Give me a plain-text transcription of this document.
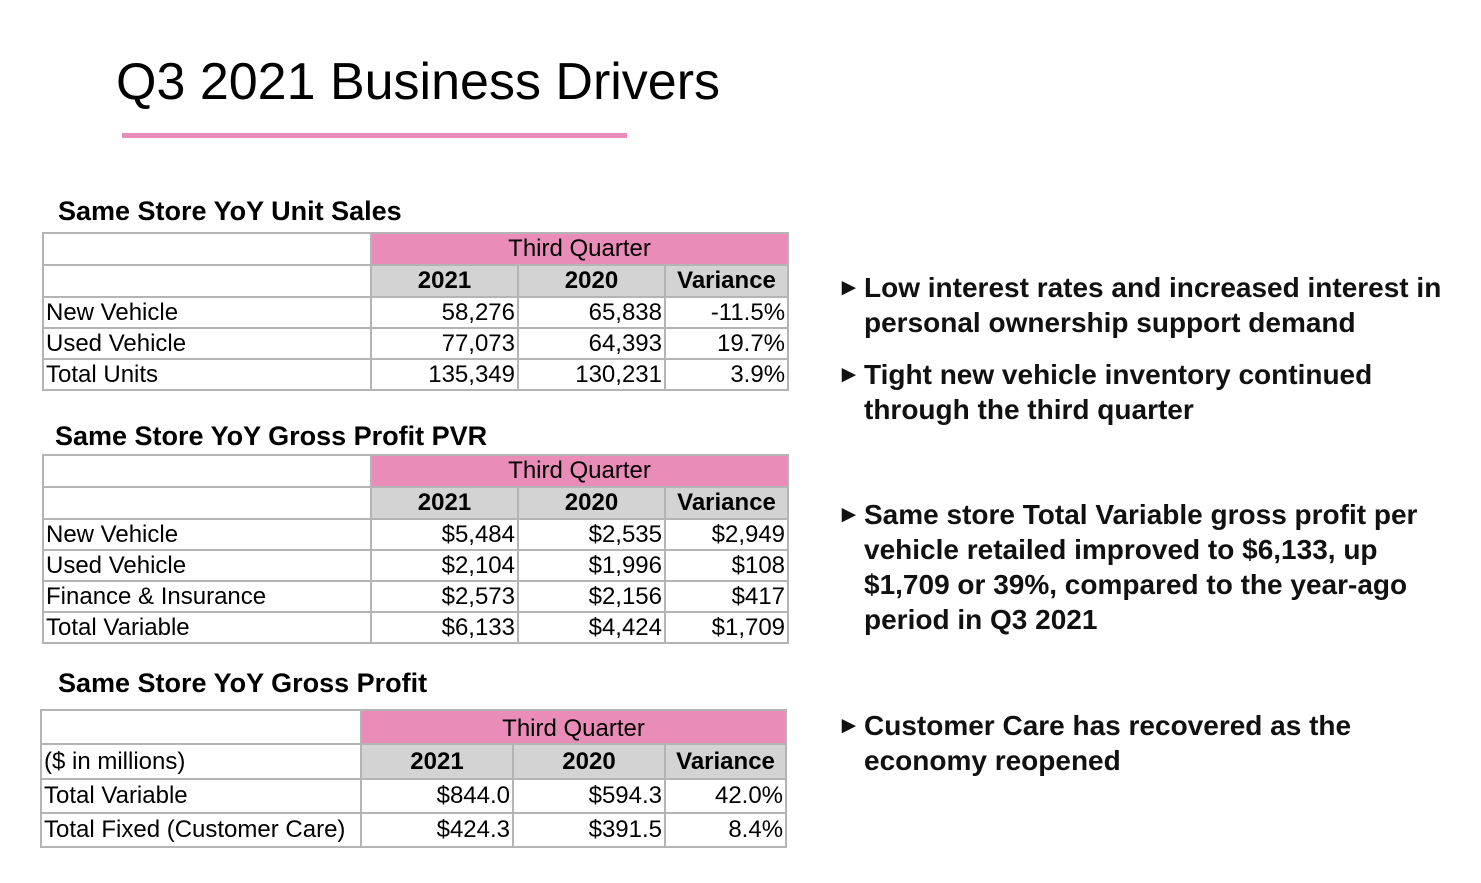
Q3 2021 Business Drivers
Same Store YoY Unit Sales
	Third Quarter		
	2021	2020	Variance
New Vehicle	58,276	65,838	-11.5%
Used Vehicle	77,073	64,393	19.7%
Total Units	135,349	130,231	3.9%
Same Store YoY Gross Profit PVR
	Third Quarter		
	2021	2020	Variance
New Vehicle	$5,484	$2,535	$2,949
Used Vehicle	$2,104	$1,996	$108
Finance & Insurance	$2,573	$2,156	$417
Total Variable	$6,133	$4,424	$1,709
Same Store YoY Gross Profit
	Third Quarter		
($ in millions)	2021	2020	Variance
Total Variable	$844.0	$594.3	42.0%
Total Fixed (Customer Care)	$424.3	$391.5	8.4%
► Low interest rates and increased interest in personal ownership support demand
► Tight new vehicle inventory continued through the third quarter
► Same store Total Variable gross profit per vehicle retailed improved to $6,133, up $1,709 or 39%, compared to the year-ago period in Q3 2021
► Customer Care has recovered as the economy reopened
